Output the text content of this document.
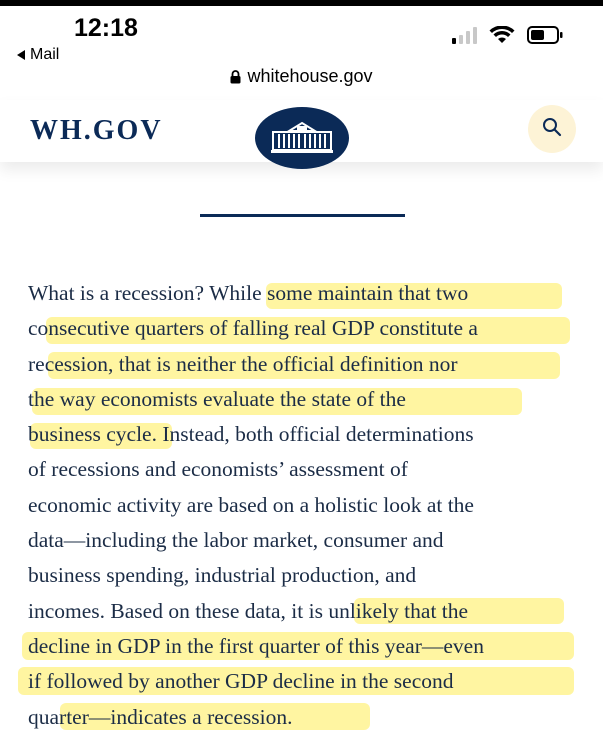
12:18
Mail
whitehouse.gov
WH.GOV
What is a recession? While some maintain that two
consecutive quarters of falling real GDP constitute a
recession, that is neither the official definition nor
the way economists evaluate the state of the
business cycle. Instead, both official determinations
of recessions and economists’ assessment of
economic activity are based on a holistic look at the
data—including the labor market, consumer and
business spending, industrial production, and
incomes. Based on these data, it is unlikely that the
decline in GDP in the first quarter of this year—even
if followed by another GDP decline in the second
quarter—indicates a recession.
